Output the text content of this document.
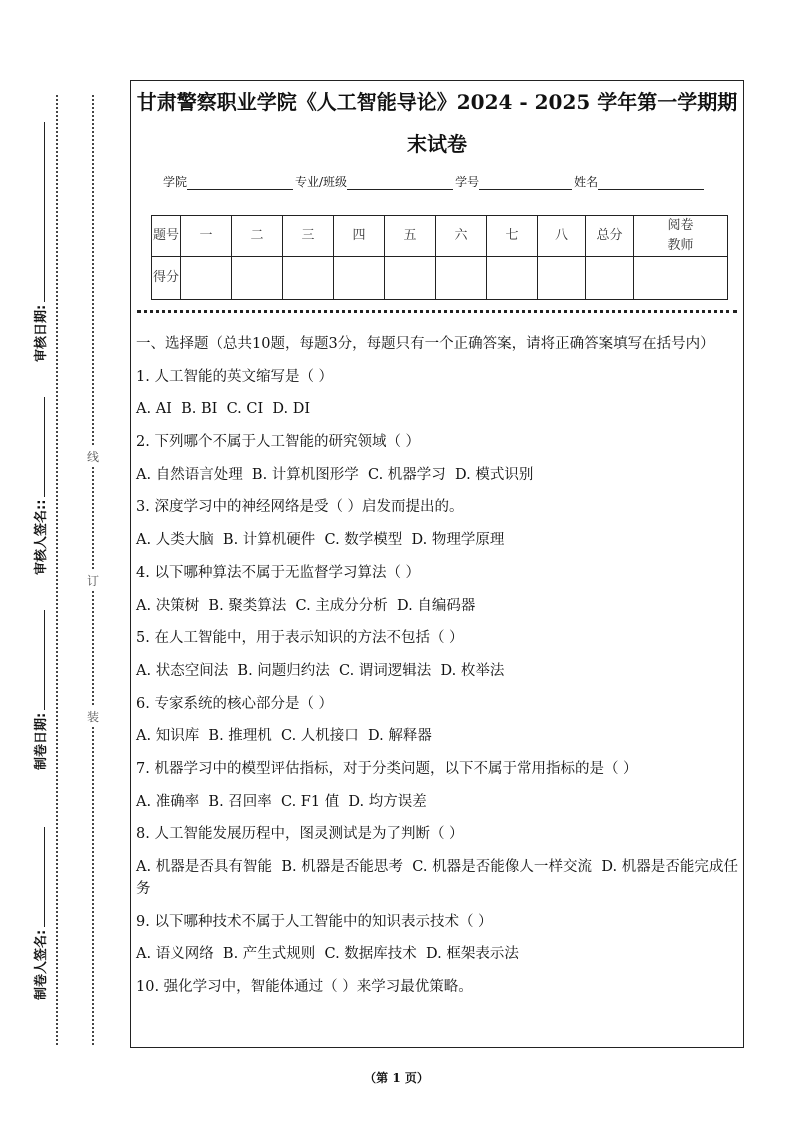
装
订
线
制卷人签名:
制卷日期:
审核人签名::
审核日期:
甘肃警察职业学院《人工智能导论》2024 - 2025 学年第一学期期
末试卷
学院	专业/班级	学号	姓名
题号	一	二	三	四	五	六	七	八	总分	阅卷教师
得分										

一、选择题（总共10题，每题3分，每题只有一个正确答案，请将正确答案填写在括号内）

1. 人工智能的英文缩写是（ ）

A. AI  B. BI  C. CI  D. DI

2. 下列哪个不属于人工智能的研究领域（ ）

A. 自然语言处理  B. 计算机图形学  C. 机器学习  D. 模式识别

3. 深度学习中的神经网络是受（ ）启发而提出的。

A. 人类大脑  B. 计算机硬件  C. 数学模型  D. 物理学原理

4. 以下哪种算法不属于无监督学习算法（ ）

A. 决策树  B. 聚类算法  C. 主成分分析  D. 自编码器

5. 在人工智能中，用于表示知识的方法不包括（ ）

A. 状态空间法  B. 问题归约法  C. 谓词逻辑法  D. 枚举法

6. 专家系统的核心部分是（ ）

A. 知识库  B. 推理机  C. 人机接口  D. 解释器

7. 机器学习中的模型评估指标，对于分类问题，以下不属于常用指标的是（ ）

A. 准确率  B. 召回率  C. F1 值  D. 均方误差

8. 人工智能发展历程中，图灵测试是为了判断（ ）

A. 机器是否具有智能  B. 机器是否能思考  C. 机器是否能像人一样交流  D. 机器是否能完成任务

9. 以下哪种技术不属于人工智能中的知识表示技术（ ）

A. 语义网络  B. 产生式规则  C. 数据库技术  D. 框架表示法

10. 强化学习中，智能体通过（ ）来学习最优策略。

（第 1 页）
